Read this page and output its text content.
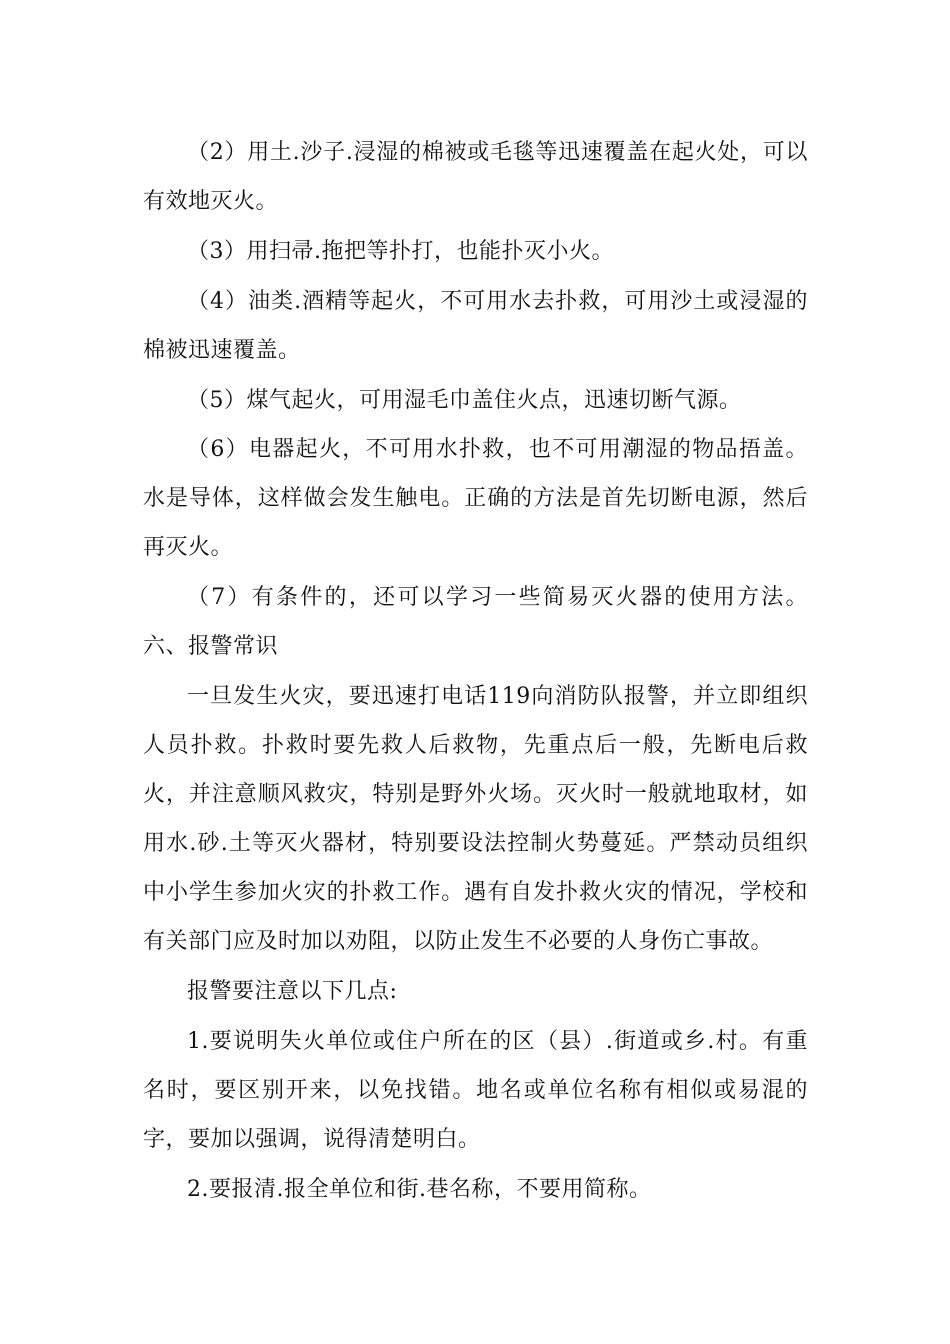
（2）用土.沙子.浸湿的棉被或毛毯等迅速覆盖在起火处，可以有效地灭火。

（3）用扫帚.拖把等扑打，也能扑灭小火。

（4）油类.酒精等起火，不可用水去扑救，可用沙土或浸湿的棉被迅速覆盖。

（5）煤气起火，可用湿毛巾盖住火点，迅速切断气源。

（6）电器起火，不可用水扑救，也不可用潮湿的物品捂盖。水是导体，这样做会发生触电。正确的方法是首先切断电源，然后再灭火。

（7）有条件的，还可以学习一些简易灭火器的使用方法。六、报警常识

一旦发生火灾，要迅速打电话119向消防队报警，并立即组织人员扑救。扑救时要先救人后救物，先重点后一般，先断电后救火，并注意顺风救灾，特别是野外火场。灭火时一般就地取材，如用水.砂.土等灭火器材，特别要设法控制火势蔓延。严禁动员组织中小学生参加火灾的扑救工作。遇有自发扑救火灾的情况，学校和有关部门应及时加以劝阻，以防止发生不必要的人身伤亡事故。

报警要注意以下几点:

1.要说明失火单位或住户所在的区（县）.街道或乡.村。有重名时，要区别开来，以免找错。地名或单位名称有相似或易混的字，要加以强调，说得清楚明白。

2.要报清.报全单位和街.巷名称，不要用简称。
